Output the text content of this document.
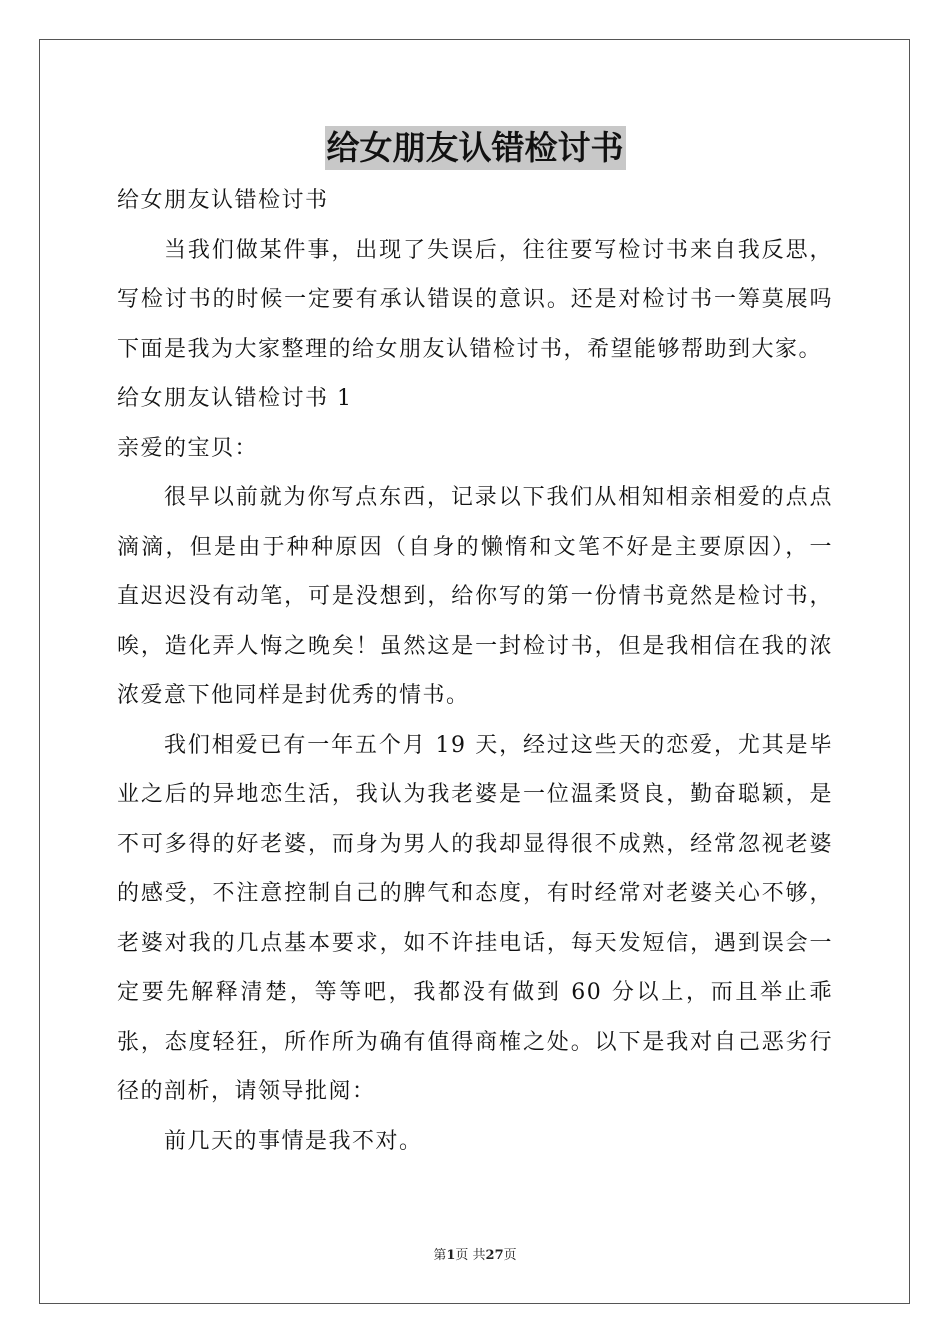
给女朋友认错检讨书

给女朋友认错检讨书

当我们做某件事，出现了失误后，往往要写检讨书来自我反思，写检讨书的时候一定要有承认错误的意识。还是对检讨书一筹莫展吗下面是我为大家整理的给女朋友认错检讨书，希望能够帮助到大家。

给女朋友认错检讨书 1

亲爱的宝贝：

很早以前就为你写点东西，记录以下我们从相知相亲相爱的点点滴滴，但是由于种种原因（自身的懒惰和文笔不好是主要原因），一直迟迟没有动笔，可是没想到，给你写的第一份情书竟然是检讨书，唉，造化弄人悔之晚矣！虽然这是一封检讨书，但是我相信在我的浓浓爱意下他同样是封优秀的情书。

我们相爱已有一年五个月 19 天，经过这些天的恋爱，尤其是毕业之后的异地恋生活，我认为我老婆是一位温柔贤良，勤奋聪颖，是不可多得的好老婆，而身为男人的我却显得很不成熟，经常忽视老婆的感受，不注意控制自己的脾气和态度，有时经常对老婆关心不够，老婆对我的几点基本要求，如不许挂电话，每天发短信，遇到误会一定要先解释清楚，等等吧，我都没有做到 60 分以上，而且举止乖张，态度轻狂，所作所为确有值得商榷之处。以下是我对自己恶劣行径的剖析，请领导批阅：

前几天的事情是我不对。

第1页 共27页
